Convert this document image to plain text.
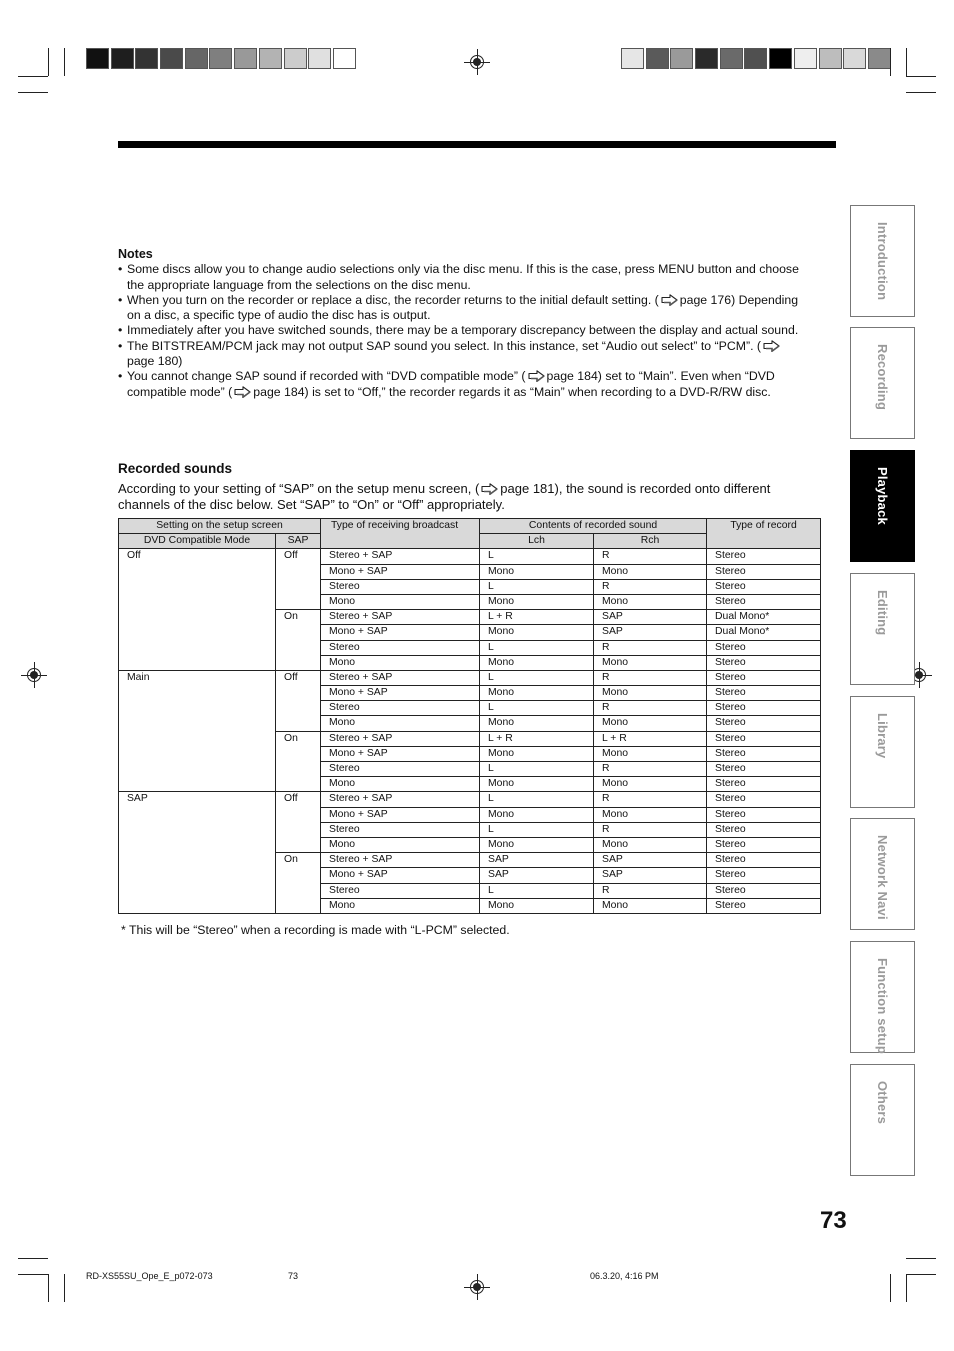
Notes
• Some discs allow you to change audio selections only via the disc menu. If this is the case, press MENU button and choose the appropriate language from the selections on the disc menu.
• When you turn on the recorder or replace a disc, the recorder returns to the initial default setting. ( page 176) Depending on a disc, a specific type of audio the disc has is output.
• Immediately after you have switched sounds, there may be a temporary discrepancy between the display and actual sound.
• The BITSTREAM/PCM jack may not output SAP sound you select. In this instance, set “Audio out select” to “PCM”. (
page 180)
• You cannot change SAP sound if recorded with “DVD compatible mode” ( page 184) set to “Main”. Even when “DVD compatible mode” ( page 184) is set to “Off,” the recorder regards it as “Main” when recording to a DVD-R/RW disc.
Recorded sounds
According to your setting of “SAP” on the setup menu screen, ( page 181), the sound is recorded onto different channels of the disc below. Set “SAP” to “On” or “Off” appropriately.
Setting on the setup screen		Type of receiving broadcast	Contents of recorded sound		Type of record
DVD Compatible Mode	SAP		Lch	Rch	
Off	Off	Stereo + SAP	L	R	Stereo
		Mono + SAP	Mono	Mono	Stereo
		Stereo	L	R	Stereo
		Mono	Mono	Mono	Stereo
	On	Stereo + SAP	L + R	SAP	Dual Mono*
		Mono + SAP	Mono	SAP	Dual Mono*
		Stereo	L	R	Stereo
		Mono	Mono	Mono	Stereo
Main	Off	Stereo + SAP	L	R	Stereo
		Mono + SAP	Mono	Mono	Stereo
		Stereo	L	R	Stereo
		Mono	Mono	Mono	Stereo
	On	Stereo + SAP	L + R	L + R	Stereo
		Mono + SAP	Mono	Mono	Stereo
		Stereo	L	R	Stereo
		Mono	Mono	Mono	Stereo
SAP	Off	Stereo + SAP	L	R	Stereo
		Mono + SAP	Mono	Mono	Stereo
		Stereo	L	R	Stereo
		Mono	Mono	Mono	Stereo
	On	Stereo + SAP	SAP	SAP	Stereo
		Mono + SAP	SAP	SAP	Stereo
		Stereo	L	R	Stereo
		Mono	Mono	Mono	Stereo
* This will be “Stereo” when a recording is made with “L-PCM” selected.
Introduction
Recording
Playback
Editing
Library
Network Navi
Function setup
Others
73
RD-XS55SU_Ope_E_p072-073	73	06.3.20, 4:16 PM
